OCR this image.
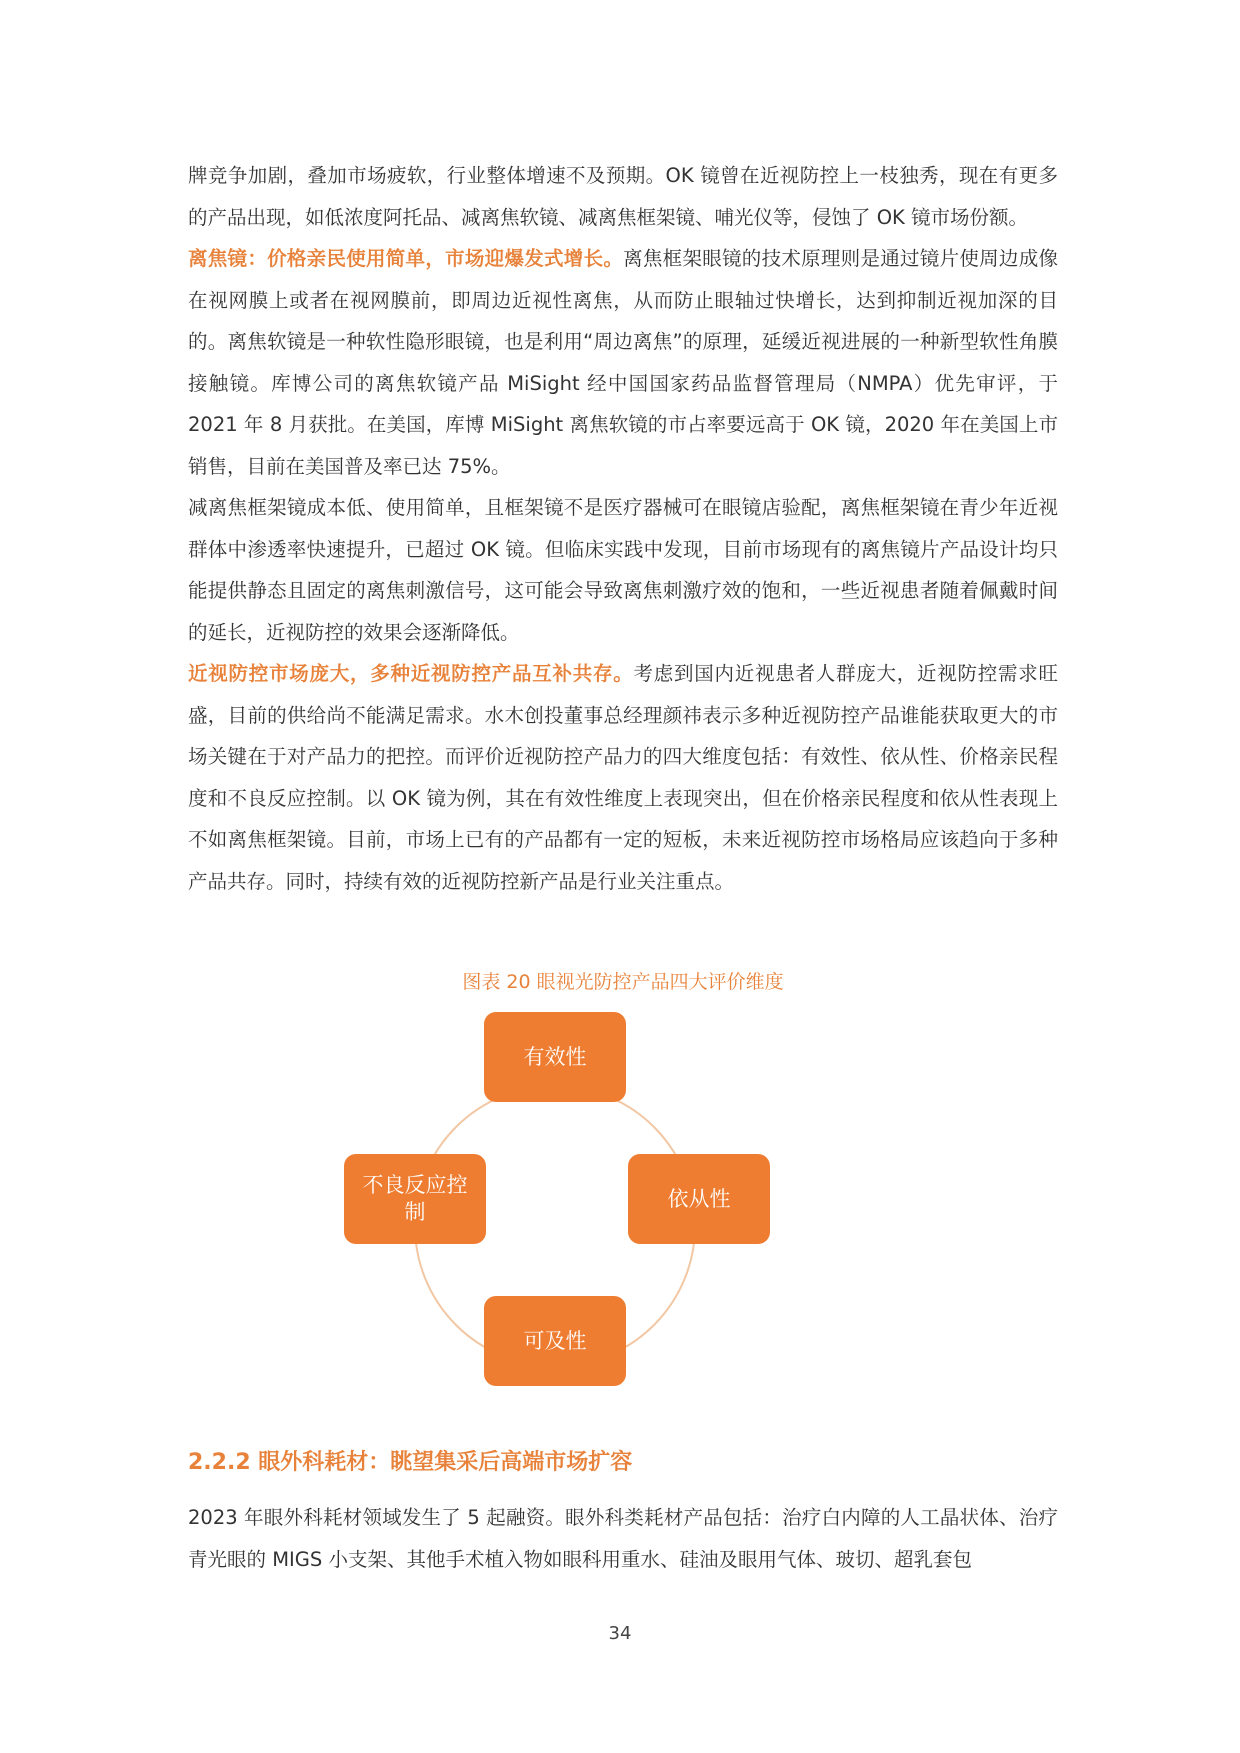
牌竞争加剧，叠加市场疲软，行业整体增速不及预期。OK 镜曾在近视防控上一枝独秀，现在有更多的产品出现，如低浓度阿托品、减离焦软镜、减离焦框架镜、哺光仪等，侵蚀了 OK 镜市场份额。

离焦镜：价格亲民使用简单，市场迎爆发式增长。离焦框架眼镜的技术原理则是通过镜片使周边成像在视网膜上或者在视网膜前，即周边近视性离焦，从而防止眼轴过快增长，达到抑制近视加深的目的。离焦软镜是一种软性隐形眼镜，也是利用“周边离焦”的原理，延缓近视进展的一种新型软性角膜接触镜。库博公司的离焦软镜产品 MiSight 经中国国家药品监督管理局（NMPA）优先审评，于 2021 年 8 月获批。在美国，库博 MiSight 离焦软镜的市占率要远高于 OK 镜，2020 年在美国上市销售，目前在美国普及率已达 75%。

减离焦框架镜成本低、使用简单，且框架镜不是医疗器械可在眼镜店验配，离焦框架镜在青少年近视群体中渗透率快速提升，已超过 OK 镜。但临床实践中发现，目前市场现有的离焦镜片产品设计均只能提供静态且固定的离焦刺激信号，这可能会导致离焦刺激疗效的饱和，一些近视患者随着佩戴时间的延长，近视防控的效果会逐渐降低。

近视防控市场庞大，多种近视防控产品互补共存。考虑到国内近视患者人群庞大，近视防控需求旺盛，目前的供给尚不能满足需求。水木创投董事总经理颜祎表示多种近视防控产品谁能获取更大的市场关键在于对产品力的把控。而评价近视防控产品力的四大维度包括：有效性、依从性、价格亲民程度和不良反应控制。以 OK 镜为例，其在有效性维度上表现突出，但在价格亲民程度和依从性表现上不如离焦框架镜。目前，市场上已有的产品都有一定的短板，未来近视防控市场格局应该趋向于多种产品共存。同时，持续有效的近视防控新产品是行业关注重点。

图表 20 眼视光防控产品四大评价维度
有效性
依从性
可及性
不良反应控制
2.2.2 眼外科耗材：眺望集采后高端市场扩容

2023 年眼外科耗材领域发生了 5 起融资。眼外科类耗材产品包括：治疗白内障的人工晶状体、治疗青光眼的 MIGS 小支架、其他手术植入物如眼科用重水、硅油及眼用气体、玻切、超乳套包

34
